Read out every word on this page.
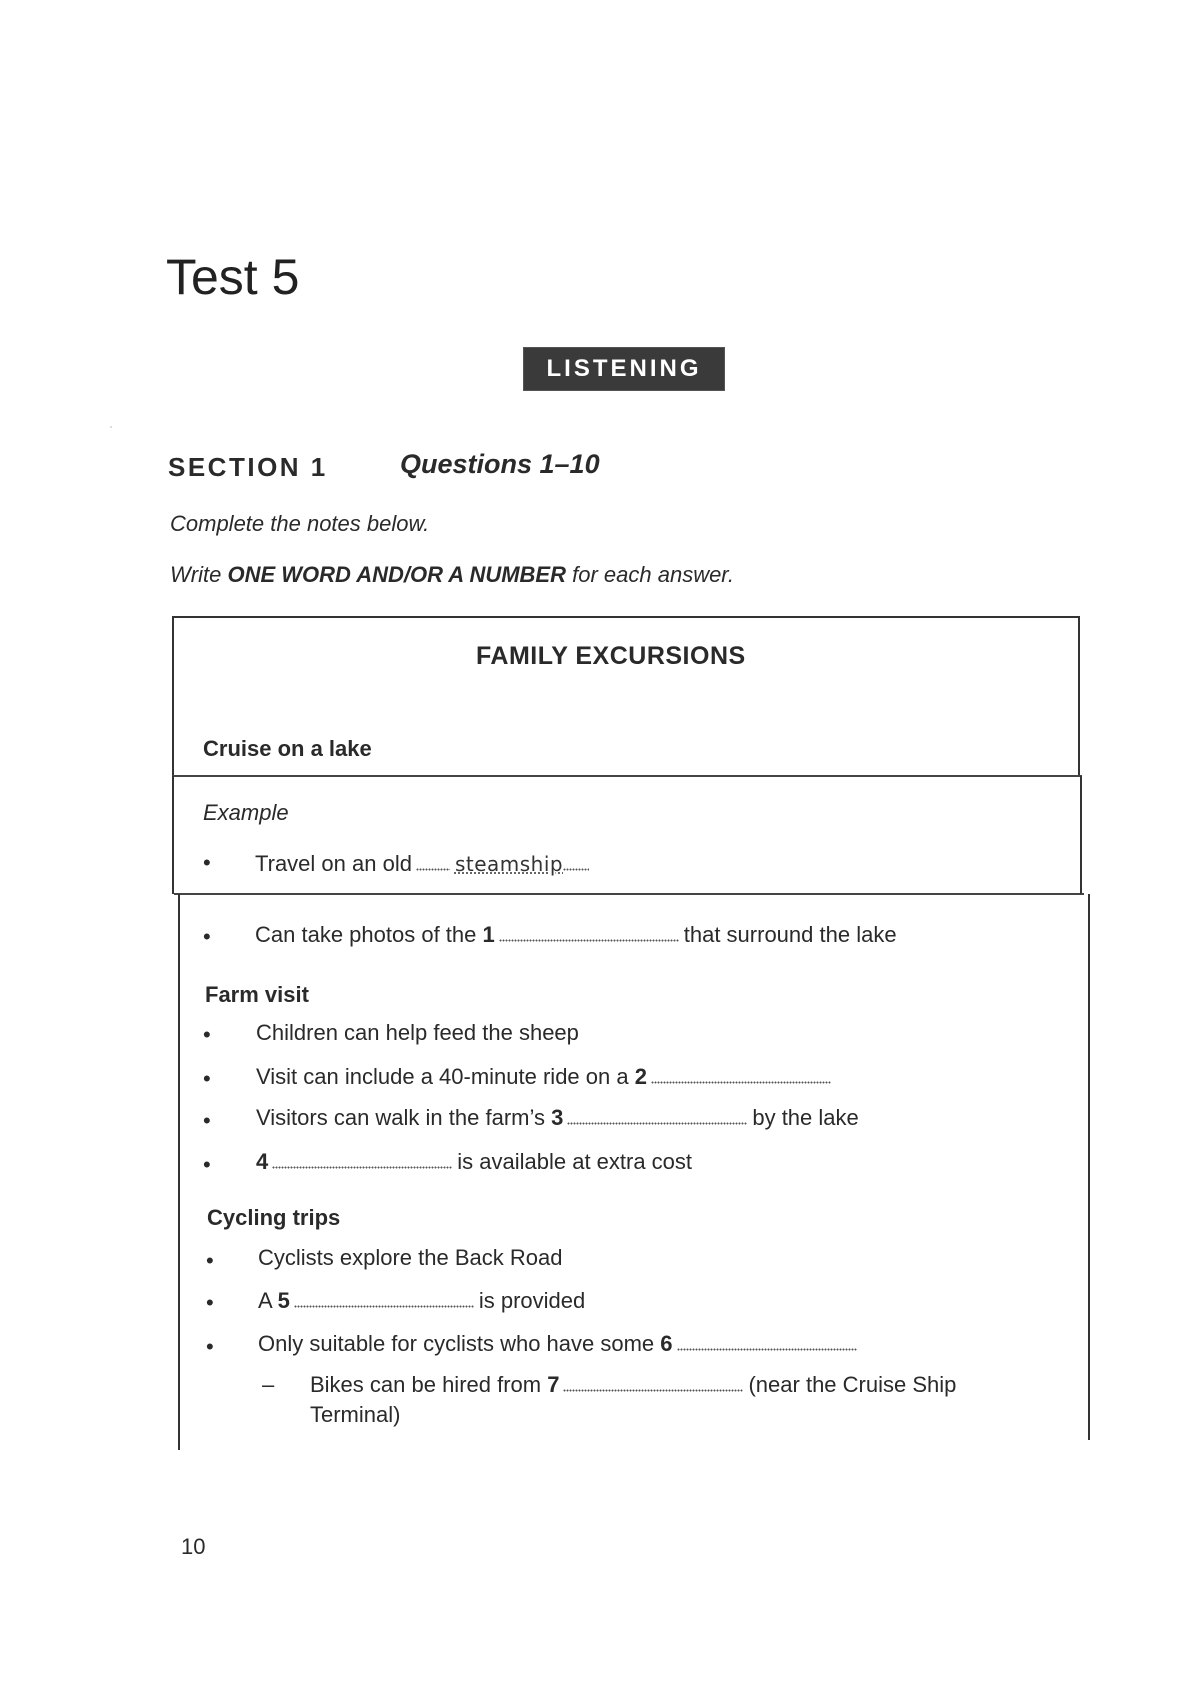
Test 5
LISTENING
SECTION 1	Questions 1–10
Complete the notes below.
Write ONE WORD AND/OR A NUMBER for each answer.
FAMILY EXCURSIONS
Cruise on a lake
Example
• Travel on an old steamship
• Can take photos of the 1	that surround the lake
Farm visit
• Children can help feed the sheep
• Visit can include a 40-minute ride on a 2
• Visitors can walk in the farm’s 3	by the lake
• 4	is available at extra cost
Cycling trips
• Cyclists explore the Back Road
• A 5	is provided
• Only suitable for cyclists who have some 6
– Bikes can be hired from 7	(near the Cruise Ship
Terminal)
10
